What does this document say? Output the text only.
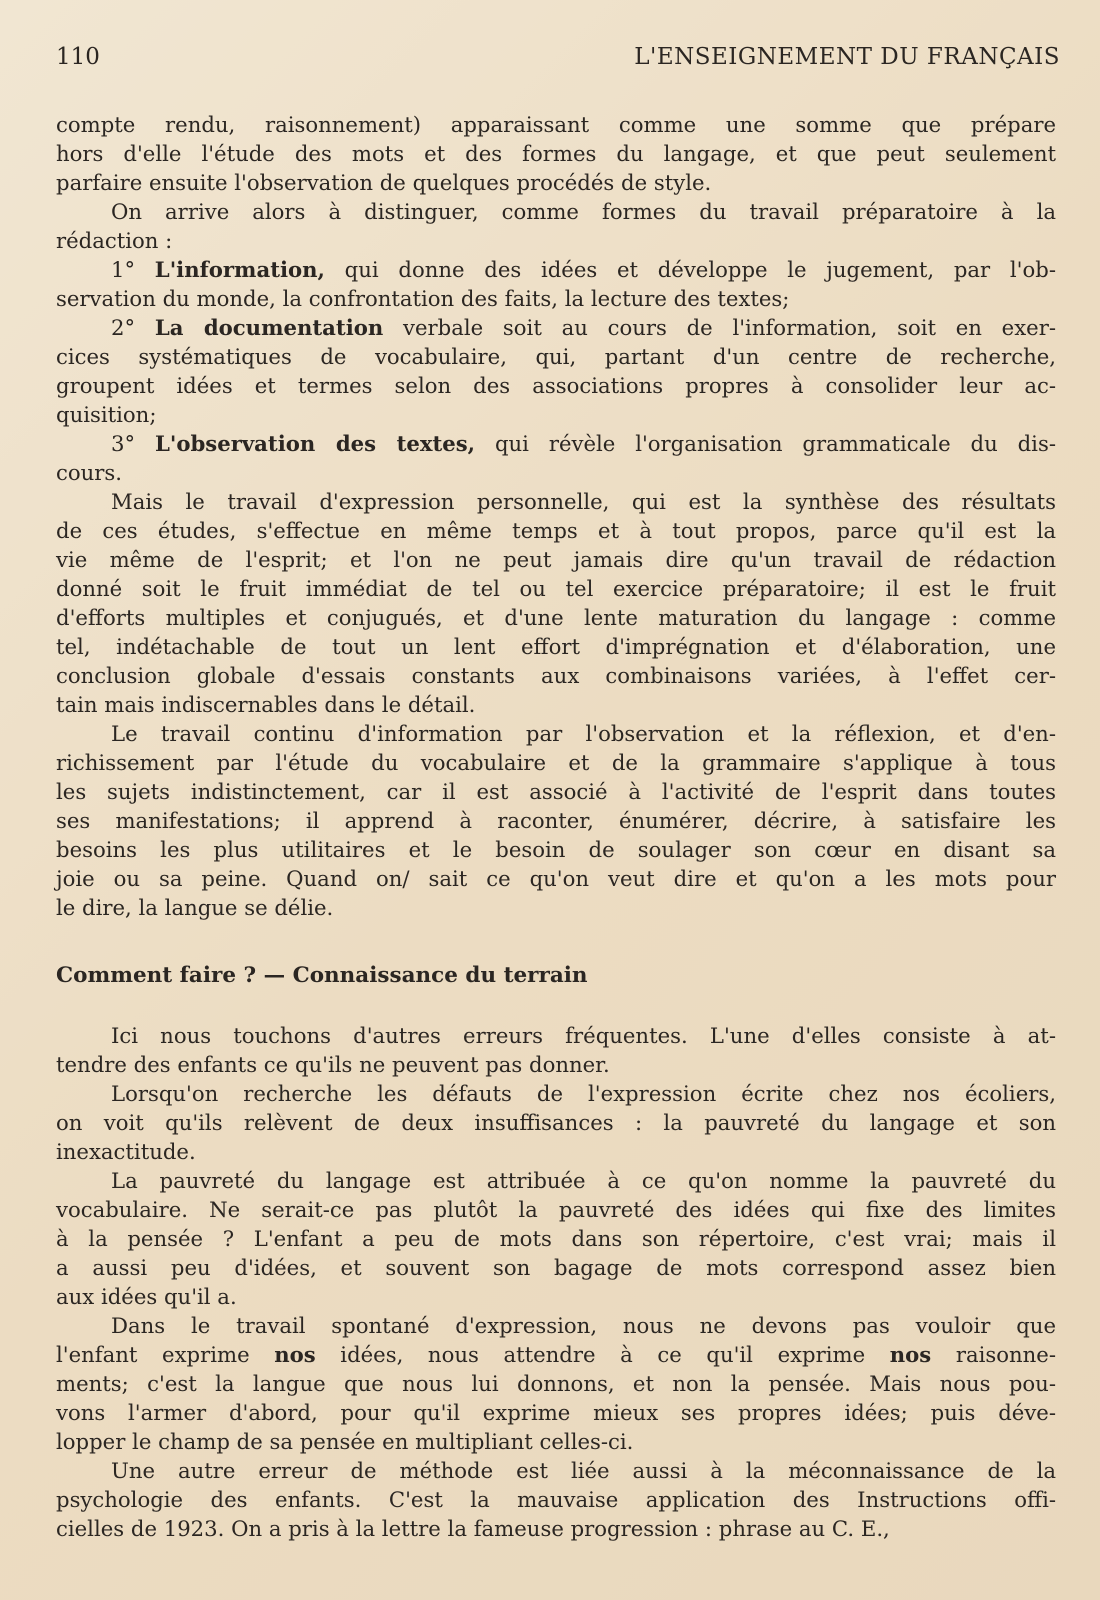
110	L'ENSEIGNEMENT DU FRANÇAIS
compte rendu, raisonnement) apparaissant comme une somme que prépare
hors d'elle l'étude des mots et des formes du langage, et que peut seulement
parfaire ensuite l'observation de quelques procédés de style.
On arrive alors à distinguer, comme formes du travail préparatoire à la
rédaction :
1° L'information, qui donne des idées et développe le jugement, par l'ob-
servation du monde, la confrontation des faits, la lecture des textes;
2° La documentation verbale soit au cours de l'information, soit en exer-
cices systématiques de vocabulaire, qui, partant d'un centre de recherche,
groupent idées et termes selon des associations propres à consolider leur ac-
quisition;
3° L'observation des textes, qui révèle l'organisation grammaticale du dis-
cours.
Mais le travail d'expression personnelle, qui est la synthèse des résultats
de ces études, s'effectue en même temps et à tout propos, parce qu'il est la
vie même de l'esprit; et l'on ne peut jamais dire qu'un travail de rédaction
donné soit le fruit immédiat de tel ou tel exercice préparatoire; il est le fruit
d'efforts multiples et conjugués, et d'une lente maturation du langage : comme
tel, indétachable de tout un lent effort d'imprégnation et d'élaboration, une
conclusion globale d'essais constants aux combinaisons variées, à l'effet cer-
tain mais indiscernables dans le détail.
Le travail continu d'information par l'observation et la réflexion, et d'en-
richissement par l'étude du vocabulaire et de la grammaire s'applique à tous
les sujets indistinctement, car il est associé à l'activité de l'esprit dans toutes
ses manifestations; il apprend à raconter, énumérer, décrire, à satisfaire les
besoins les plus utilitaires et le besoin de soulager son cœur en disant sa
joie ou sa peine. Quand on/ sait ce qu'on veut dire et qu'on a les mots pour
le dire, la langue se délie.
Comment faire ? — Connaissance du terrain
Ici nous touchons d'autres erreurs fréquentes. L'une d'elles consiste à at-
tendre des enfants ce qu'ils ne peuvent pas donner.
Lorsqu'on recherche les défauts de l'expression écrite chez nos écoliers,
on voit qu'ils relèvent de deux insuffisances : la pauvreté du langage et son
inexactitude.
La pauvreté du langage est attribuée à ce qu'on nomme la pauvreté du
vocabulaire. Ne serait-ce pas plutôt la pauvreté des idées qui fixe des limites
à la pensée ? L'enfant a peu de mots dans son répertoire, c'est vrai; mais il
a aussi peu d'idées, et souvent son bagage de mots correspond assez bien
aux idées qu'il a.
Dans le travail spontané d'expression, nous ne devons pas vouloir que
l'enfant exprime nos idées, nous attendre à ce qu'il exprime nos raisonne-
ments; c'est la langue que nous lui donnons, et non la pensée. Mais nous pou-
vons l'armer d'abord, pour qu'il exprime mieux ses propres idées; puis déve-
lopper le champ de sa pensée en multipliant celles-ci.
Une autre erreur de méthode est liée aussi à la méconnaissance de la
psychologie des enfants. C'est la mauvaise application des Instructions offi-
cielles de 1923. On a pris à la lettre la fameuse progression : phrase au C. E.,
